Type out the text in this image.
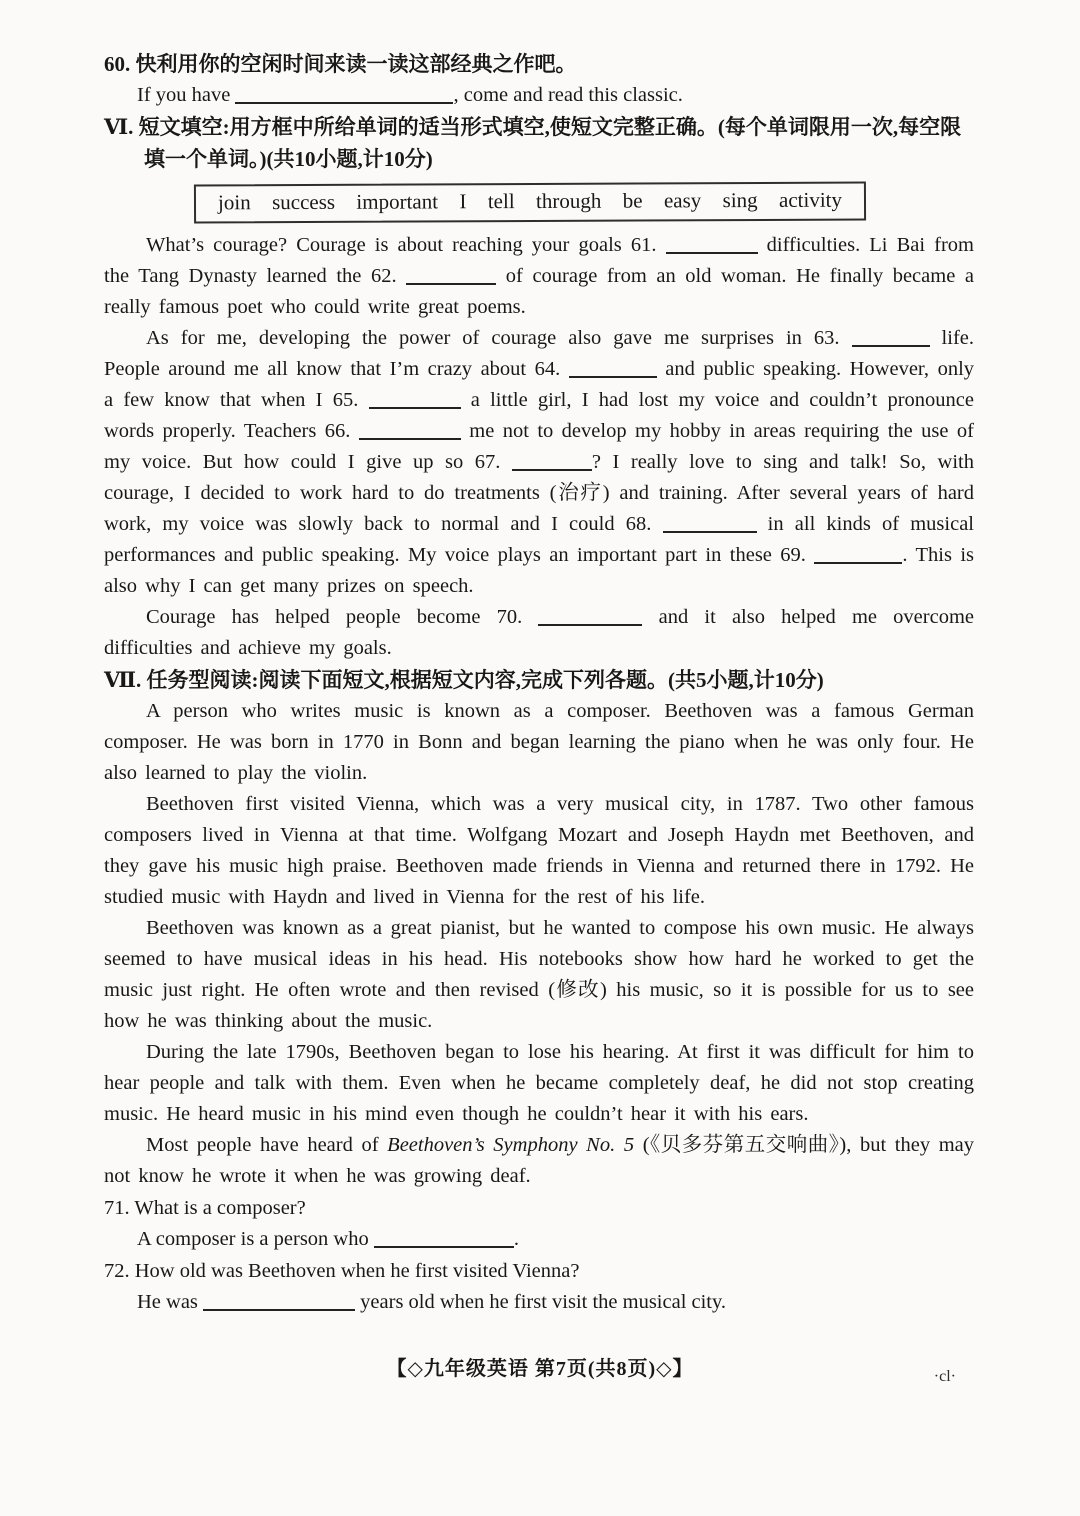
60. 快利用你的空闲时间来读一读这部经典之作吧。

If you have	, come and read this classic.

Ⅵ. 短文填空:用方框中所给单词的适当形式填空,使短文完整正确。(每个单词限用一次,每空限填一个单词。)(共10小题,计10分)

join success important I tell through be easy sing activity

What’s courage? Courage is about reaching your goals 61.	difficulties. Li Bai from the Tang Dynasty learned the 62.	of courage from an old woman. He finally became a really famous poet who could write great poems.

As for me, developing the power of courage also gave me surprises in 63.	life. People around me all know that I’m crazy about 64.	and public speaking. However, only a few know that when I 65.	a little girl, I had lost my voice and couldn’t pronounce words properly. Teachers 66.	me not to develop my hobby in areas requiring the use of my voice. But how could I give up so 67.	? I really love to sing and talk! So, with courage, I decided to work hard to do treatments (治疗) and training. After several years of hard work, my voice was slowly back to normal and I could 68.	in all kinds of musical performances and public speaking. My voice plays an important part in these 69.	. This is also why I can get many prizes on speech.

Courage has helped people become 70.	and it also helped me overcome difficulties and achieve my goals.

Ⅶ. 任务型阅读:阅读下面短文,根据短文内容,完成下列各题。(共5小题,计10分)

A person who writes music is known as a composer. Beethoven was a famous German composer. He was born in 1770 in Bonn and began learning the piano when he was only four. He also learned to play the violin.

Beethoven first visited Vienna, which was a very musical city, in 1787. Two other famous composers lived in Vienna at that time. Wolfgang Mozart and Joseph Haydn met Beethoven, and they gave his music high praise. Beethoven made friends in Vienna and returned there in 1792. He studied music with Haydn and lived in Vienna for the rest of his life.

Beethoven was known as a great pianist, but he wanted to compose his own music. He always seemed to have musical ideas in his head. His notebooks show how hard he worked to get the music just right. He often wrote and then revised (修改) his music, so it is possible for us to see how he was thinking about the music.

During the late 1790s, Beethoven began to lose his hearing. At first it was difficult for him to hear people and talk with them. Even when he became completely deaf, he did not stop creating music. He heard music in his mind even though he couldn’t hear it with his ears.

Most people have heard of Beethoven’s Symphony No. 5 (《贝多芬第五交响曲》), but they may not know he wrote it when he was growing deaf.

71. What is a composer?

A composer is a person who	.

72. How old was Beethoven when he first visited Vienna?

He was	years old when he first visit the musical city.

【◇九年级英语 第7页(共8页)◇】	·cl·
